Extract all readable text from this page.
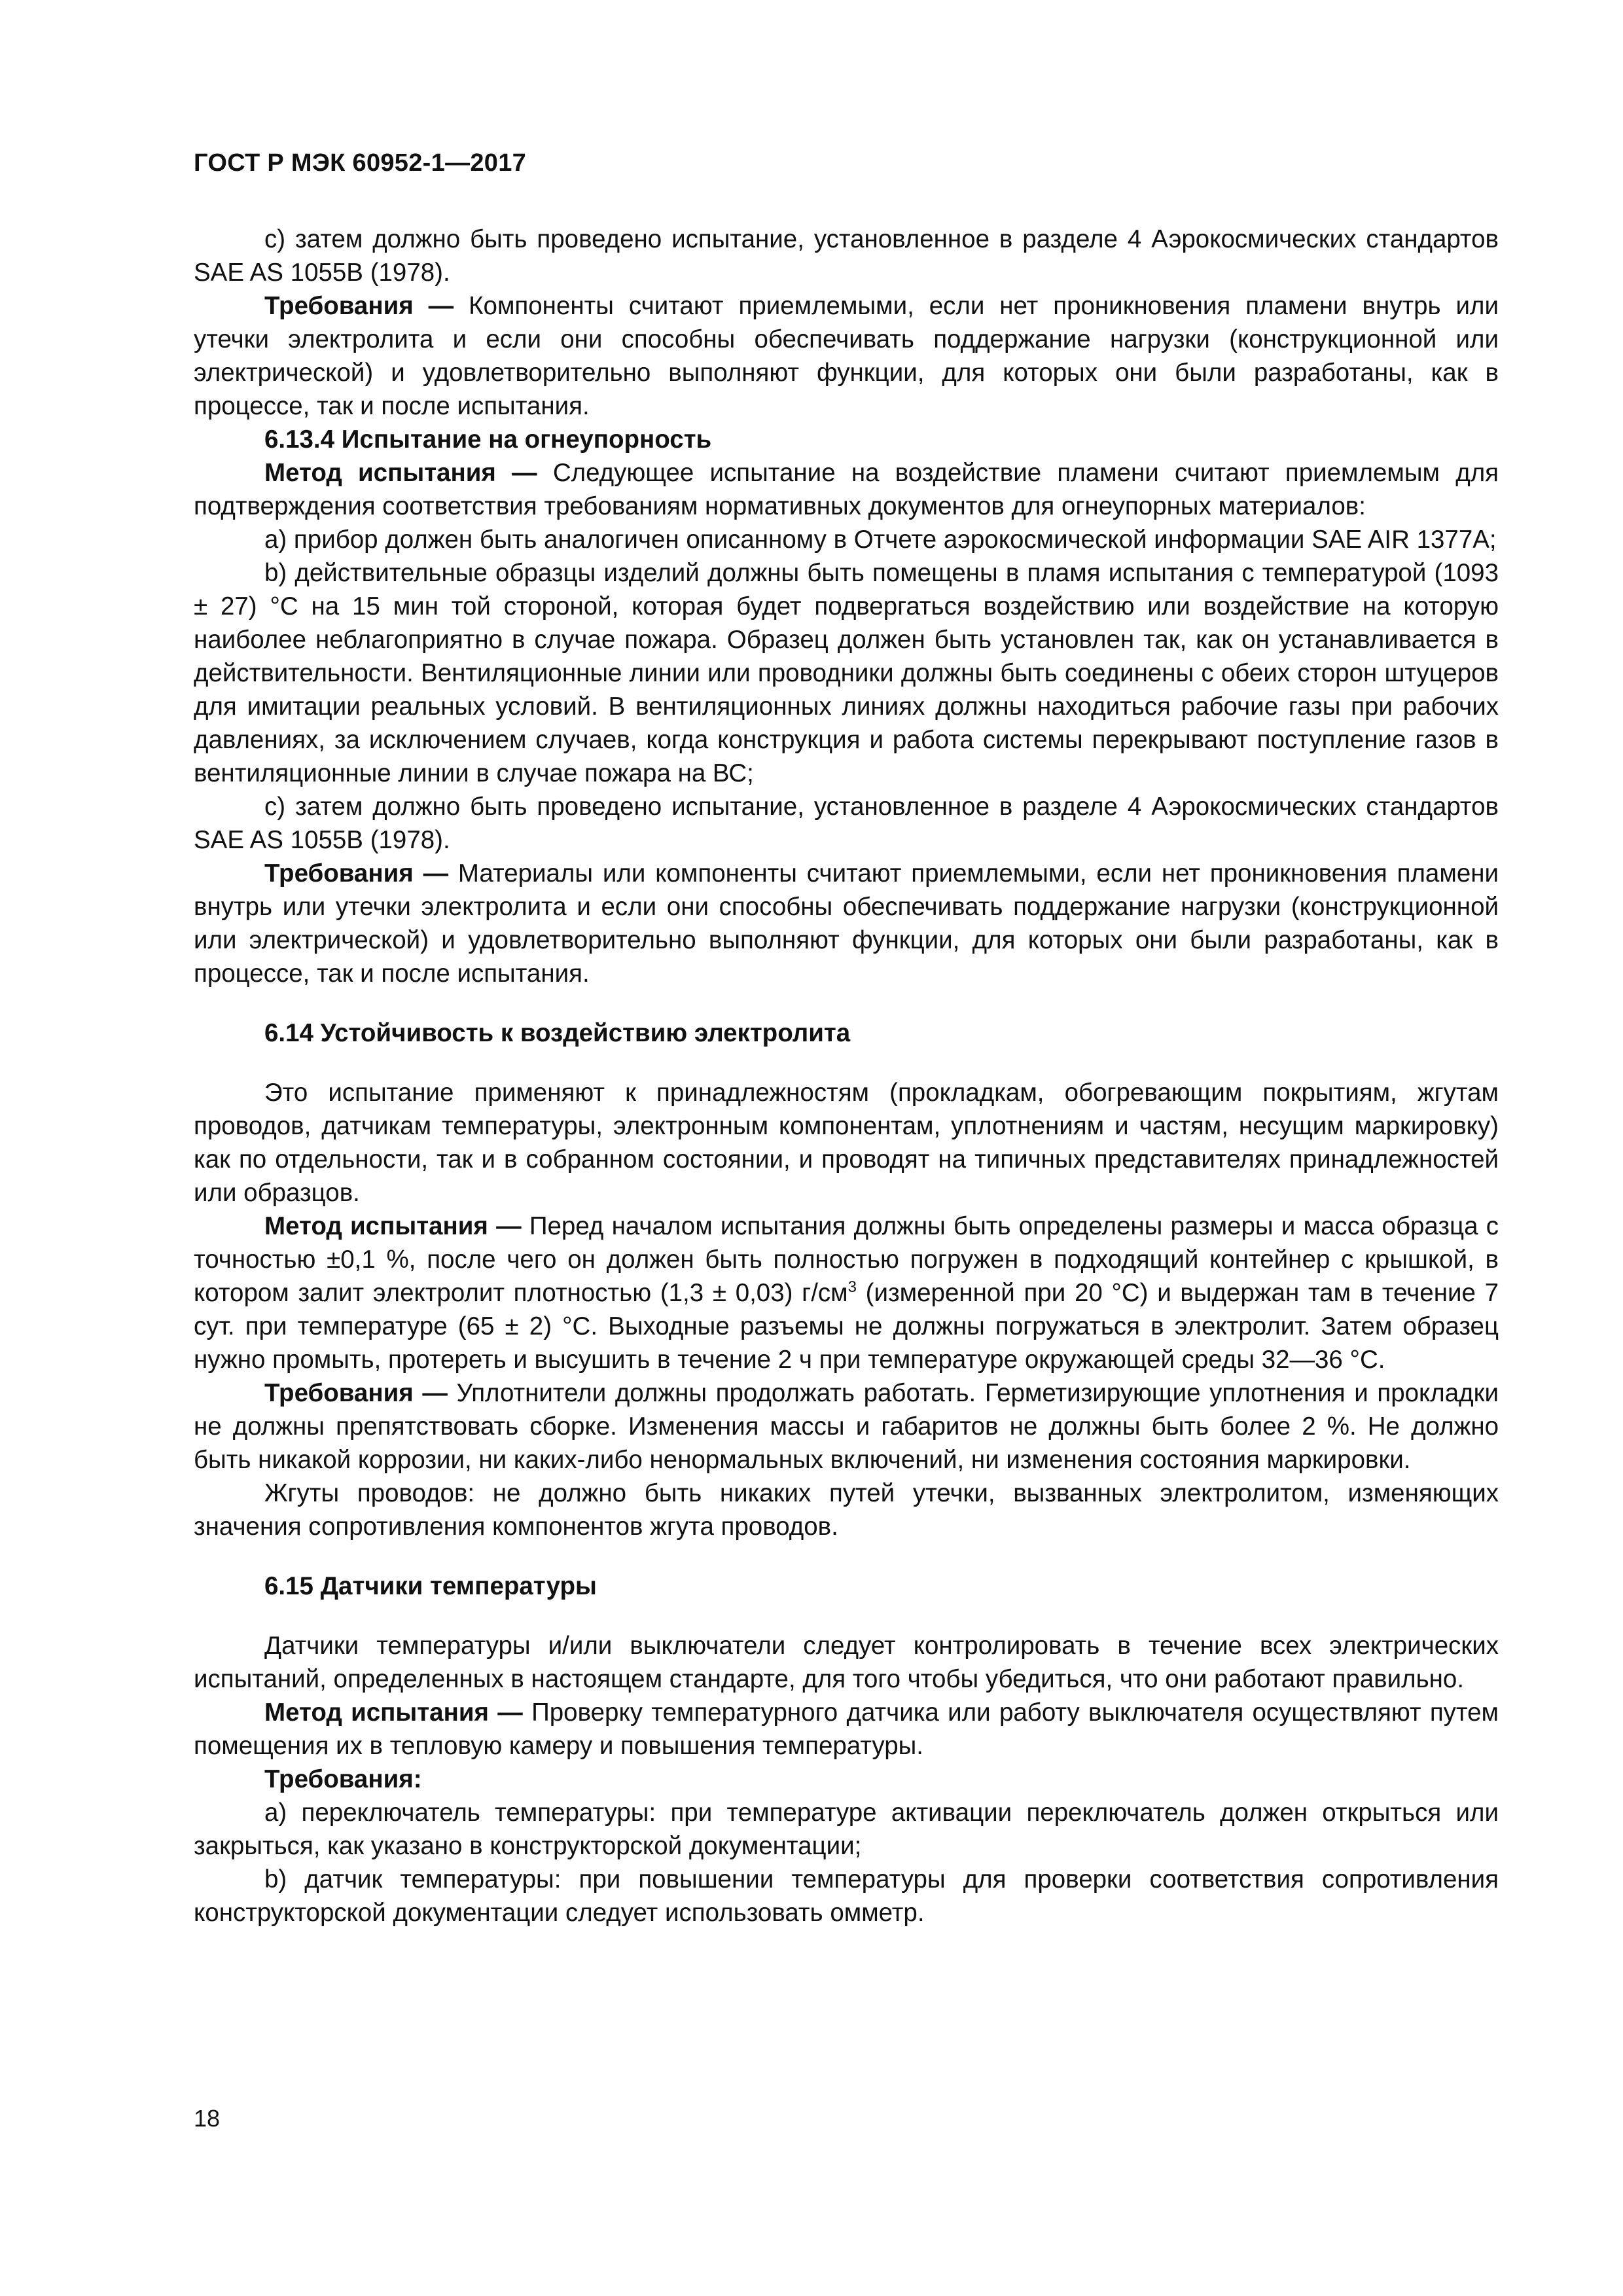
ГОСТ Р МЭК 60952-1—2017

с) затем должно быть проведено испытание, установленное в разделе 4 Аэрокосмических стандартов SAE AS 1055B (1978).

Требования — Компоненты считают приемлемыми, если нет проникновения пламени внутрь или утечки электролита и если они способны обеспечивать поддержание нагрузки (конструкционной или электрической) и удовлетворительно выполняют функции, для которых они были разработаны, как в процессе, так и после испытания.

6.13.4 Испытание на огнеупорность

Метод испытания — Следующее испытание на воздействие пламени считают приемлемым для подтверждения соответствия требованиям нормативных документов для огнеупорных материалов:

а) прибор должен быть аналогичен описанному в Отчете аэрокосмической информации SAE AIR 1377A;

b) действительные образцы изделий должны быть помещены в пламя испытания с температурой (1093 ± 27) °С на 15 мин той стороной, которая будет подвергаться воздействию или воздействие на которую наиболее неблагоприятно в случае пожара. Образец должен быть установлен так, как он устанавливается в действительности. Вентиляционные линии или проводники должны быть соединены с обеих сторон штуцеров для имитации реальных условий. В вентиляционных линиях должны находиться рабочие газы при рабочих давлениях, за исключением случаев, когда конструкция и работа системы перекрывают поступление газов в вентиляционные линии в случае пожара на ВС;

с) затем должно быть проведено испытание, установленное в разделе 4 Аэрокосмических стандартов SAE AS 1055B (1978).

Требования — Материалы или компоненты считают приемлемыми, если нет проникновения пламени внутрь или утечки электролита и если они способны обеспечивать поддержание нагрузки (конструкционной или электрической) и удовлетворительно выполняют функции, для которых они были разработаны, как в процессе, так и после испытания.

6.14 Устойчивость к воздействию электролита

Это испытание применяют к принадлежностям (прокладкам, обогревающим покрытиям, жгутам проводов, датчикам температуры, электронным компонентам, уплотнениям и частям, несущим маркировку) как по отдельности, так и в собранном состоянии, и проводят на типичных представителях принадлежностей или образцов.

Метод испытания — Перед началом испытания должны быть определены размеры и масса образца с точностью ±0,1 %, после чего он должен быть полностью погружен в подходящий контейнер с крышкой, в котором залит электролит плотностью (1,3 ± 0,03) $г/см^3$ (измеренной при 20 °С) и выдержан там в течение 7 сут. при температуре (65 ± 2) °С. Выходные разъемы не должны погружаться в электролит. Затем образец нужно промыть, протереть и высушить в течение 2 ч при температуре окружающей среды 32—36 °С.

Требования — Уплотнители должны продолжать работать. Герметизирующие уплотнения и прокладки не должны препятствовать сборке. Изменения массы и габаритов не должны быть более 2 %. Не должно быть никакой коррозии, ни каких-либо ненормальных включений, ни изменения состояния маркировки.

Жгуты проводов: не должно быть никаких путей утечки, вызванных электролитом, изменяющих значения сопротивления компонентов жгута проводов.

6.15 Датчики температуры

Датчики температуры и/или выключатели следует контролировать в течение всех электрических испытаний, определенных в настоящем стандарте, для того чтобы убедиться, что они работают правильно.

Метод испытания — Проверку температурного датчика или работу выключателя осуществляют путем помещения их в тепловую камеру и повышения температуры.

Требования:

а) переключатель температуры: при температуре активации переключатель должен открыться или закрыться, как указано в конструкторской документации;

b) датчик температуры: при повышении температуры для проверки соответствия сопротивления конструкторской документации следует использовать омметр.

18
